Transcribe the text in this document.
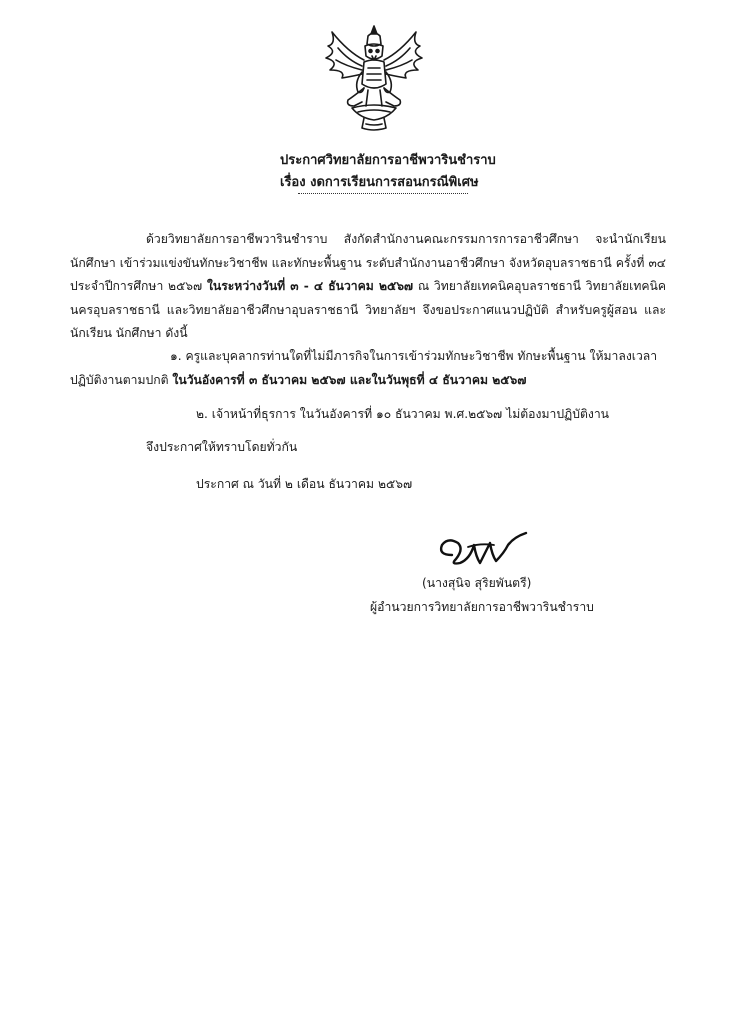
ประกาศวิทยาลัยการอาชีพวารินชำราบ
เรื่อง งดการเรียนการสอนกรณีพิเศษ
ด้วยวิทยาลัยการอาชีพวารินชำราบ สังกัดสำนักงานคณะกรรมการการอาชีวศึกษา จะนำนักเรียน นักศึกษา เข้าร่วมแข่งขันทักษะวิชาชีพ และทักษะพื้นฐาน ระดับสำนักงานอาชีวศึกษา จังหวัดอุบลราชธานี ครั้งที่ ๓๔ ประจำปีการศึกษา ๒๕๖๗ ในระหว่างวันที่ ๓ - ๔ ธันวาคม ๒๕๖๗ ณ วิทยาลัยเทคนิคอุบลราชธานี วิทยาลัยเทคนิคนครอุบลราชธานี และวิทยาลัยอาชีวศึกษาอุบลราชธานี วิทยาลัยฯ จึงขอประกาศแนวปฏิบัติ สำหรับครูผู้สอน และนักเรียน นักศึกษา ดังนี้
๑. ครูและบุคลากรท่านใดที่ไม่มีภารกิจในการเข้าร่วมทักษะวิชาชีพ ทักษะพื้นฐาน ให้มาลงเวลาปฏิบัติงานตามปกติ ในวันอังคารที่ ๓ ธันวาคม ๒๕๖๗ และในวันพุธที่ ๔ ธันวาคม ๒๕๖๗
๒. เจ้าหน้าที่ธุรการ ในวันอังคารที่ ๑๐ ธันวาคม พ.ศ.๒๕๖๗ ไม่ต้องมาปฏิบัติงาน
จึงประกาศให้ทราบโดยทั่วกัน
ประกาศ ณ วันที่ ๒ เดือน ธันวาคม ๒๕๖๗
(นางสุนิจ สุริยพันตรี)
ผู้อำนวยการวิทยาลัยการอาชีพวารินชำราบ
